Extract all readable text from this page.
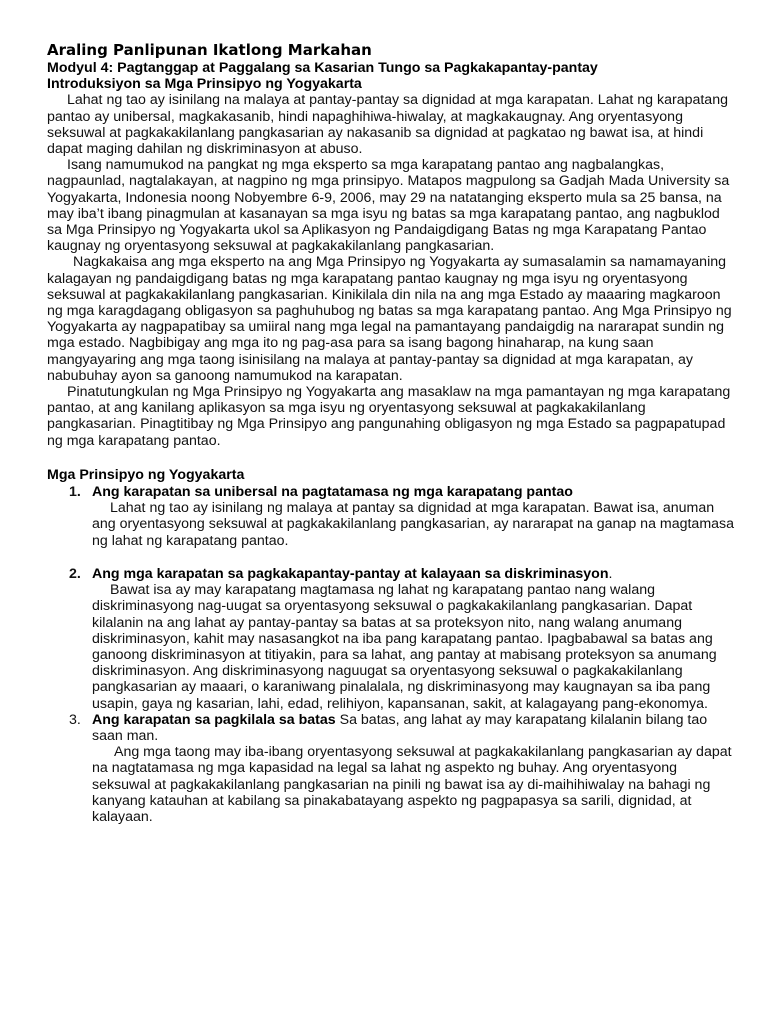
Araling Panlipunan Ikatlong Markahan

Modyul 4: Pagtanggap at Paggalang sa Kasarian Tungo sa Pagkakapantay-pantay

Introduksiyon sa Mga Prinsipyo ng Yogyakarta

Lahat ng tao ay isinilang na malaya at pantay-pantay sa dignidad at mga karapatan. Lahat ng karapatang pantao ay unibersal, magkakasanib, hindi napaghihiwa-hiwalay, at magkakaugnay. Ang oryentasyong seksuwal at pagkakakilanlang pangkasarian ay nakasanib sa dignidad at pagkatao ng bawat isa, at hindi dapat maging dahilan ng diskriminasyon at abuso.

Isang namumukod na pangkat ng mga eksperto sa mga karapatang pantao ang nagbalangkas, nagpaunlad, nagtalakayan, at nagpino ng mga prinsipyo. Matapos magpulong sa Gadjah Mada University sa Yogyakarta, Indonesia noong Nobyembre 6-9, 2006, may 29 na natatanging eksperto mula sa 25 bansa, na may iba’t ibang pinagmulan at kasanayan sa mga isyu ng batas sa mga karapatang pantao, ang nagbuklod sa Mga Prinsipyo ng Yogyakarta ukol sa Aplikasyon ng Pandaigdigang Batas ng mga Karapatang Pantao kaugnay ng oryentasyong seksuwal at pagkakakilanlang pangkasarian.

Nagkakaisa ang mga eksperto na ang Mga Prinsipyo ng Yogyakarta ay sumasalamin sa namamayaning kalagayan ng pandaigdigang batas ng mga karapatang pantao kaugnay ng mga isyu ng oryentasyong seksuwal at pagkakakilanlang pangkasarian. Kinikilala din nila na ang mga Estado ay maaaring magkaroon ng mga karagdagang obligasyon sa paghuhubog ng batas sa mga karapatang pantao. Ang Mga Prinsipyo ng Yogyakarta ay nagpapatibay sa umiiral nang mga legal na pamantayang pandaigdig na nararapat sundin ng mga estado. Nagbibigay ang mga ito ng pag-asa para sa isang bagong hinaharap, na kung saan mangyayaring ang mga taong isinisilang na malaya at pantay-pantay sa dignidad at mga karapatan, ay nabubuhay ayon sa ganoong namumukod na karapatan.

Pinatutungkulan ng Mga Prinsipyo ng Yogyakarta ang masaklaw na mga pamantayan ng mga karapatang pantao, at ang kanilang aplikasyon sa mga isyu ng oryentasyong seksuwal at pagkakakilanlang pangkasarian. Pinagtitibay ng Mga Prinsipyo ang pangunahing obligasyon ng mga Estado sa pagpapatupad ng mga karapatang pantao.

Mga Prinsipyo ng Yogyakarta

1. Ang karapatan sa unibersal na pagtatamasa ng mga karapatang pantao

Lahat ng tao ay isinilang ng malaya at pantay sa dignidad at mga karapatan. Bawat isa, anuman ang oryentasyong seksuwal at pagkakakilanlang pangkasarian, ay nararapat na ganap na magtamasa ng lahat ng karapatang pantao.

2. Ang mga karapatan sa pagkakapantay-pantay at kalayaan sa diskriminasyon.

Bawat isa ay may karapatang magtamasa ng lahat ng karapatang pantao nang walang diskriminasyong nag-uugat sa oryentasyong seksuwal o pagkakakilanlang pangkasarian. Dapat kilalanin na ang lahat ay pantay-pantay sa batas at sa proteksyon nito, nang walang anumang diskriminasyon, kahit may nasasangkot na iba pang karapatang pantao. Ipagbabawal sa batas ang ganoong diskriminasyon at titiyakin, para sa lahat, ang pantay at mabisang proteksyon sa anumang diskriminasyon. Ang diskriminasyong naguugat sa oryentasyong seksuwal o pagkakakilanlang pangkasarian ay maaari, o karaniwang pinalalala, ng diskriminasyong may kaugnayan sa iba pang usapin, gaya ng kasarian, lahi, edad, relihiyon, kapansanan, sakit, at kalagayang pang-ekonomya.

3. Ang karapatan sa pagkilala sa batas Sa batas, ang lahat ay may karapatang kilalanin bilang tao saan man.

Ang mga taong may iba-ibang oryentasyong seksuwal at pagkakakilanlang pangkasarian ay dapat na nagtatamasa ng mga kapasidad na legal sa lahat ng aspekto ng buhay. Ang oryentasyong seksuwal at pagkakakilanlang pangkasarian na pinili ng bawat isa ay di-maihihiwalay na bahagi ng kanyang katauhan at kabilang sa pinakabatayang aspekto ng pagpapasya sa sarili, dignidad, at kalayaan.
